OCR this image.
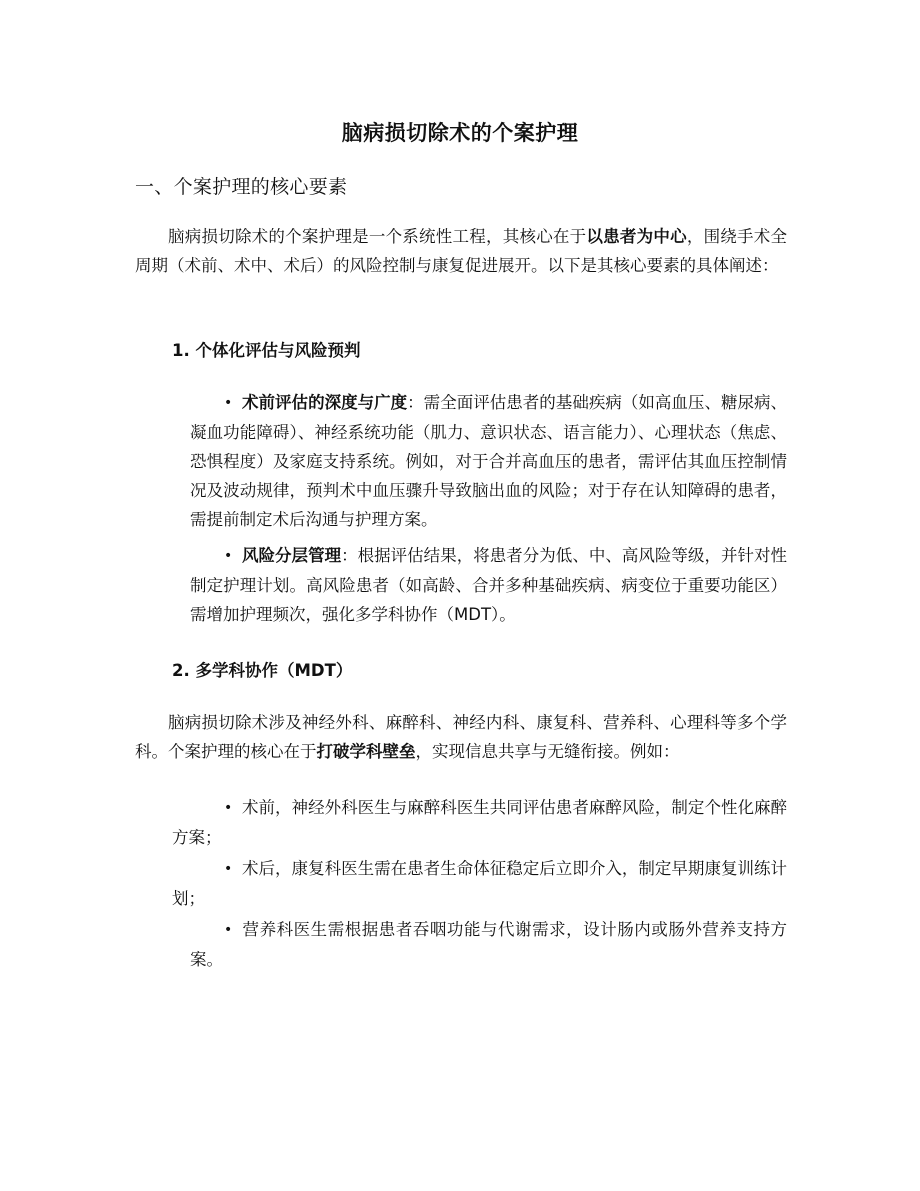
脑病损切除术的个案护理
一、个案护理的核心要素

脑病损切除术的个案护理是一个系统性工程，其核心在于以患者为中心，围绕手术全周期（术前、术中、术后）的风险控制与康复促进展开。以下是其核心要素的具体阐述：

1. 个体化评估与风险预判

• 术前评估的深度与广度：需全面评估患者的基础疾病（如高血压、糖尿病、凝血功能障碍）、神经系统功能（肌力、意识状态、语言能力）、心理状态（焦虑、恐惧程度）及家庭支持系统。例如，对于合并高血压的患者，需评估其血压控制情况及波动规律，预判术中血压骤升导致脑出血的风险；对于存在认知障碍的患者，需提前制定术后沟通与护理方案。

• 风险分层管理：根据评估结果，将患者分为低、中、高风险等级，并针对性制定护理计划。高风险患者（如高龄、合并多种基础疾病、病变位于重要功能区）需增加护理频次，强化多学科协作（MDT）。

2. 多学科协作（MDT）

脑病损切除术涉及神经外科、麻醉科、神经内科、康复科、营养科、心理科等多个学科。个案护理的核心在于打破学科壁垒，实现信息共享与无缝衔接。例如：

• 术前，神经外科医生与麻醉科医生共同评估患者麻醉风险，制定个性化麻醉方案；

• 术后，康复科医生需在患者生命体征稳定后立即介入，制定早期康复训练计划；

• 营养科医生需根据患者吞咽功能与代谢需求，设计肠内或肠外营养支持方案。
